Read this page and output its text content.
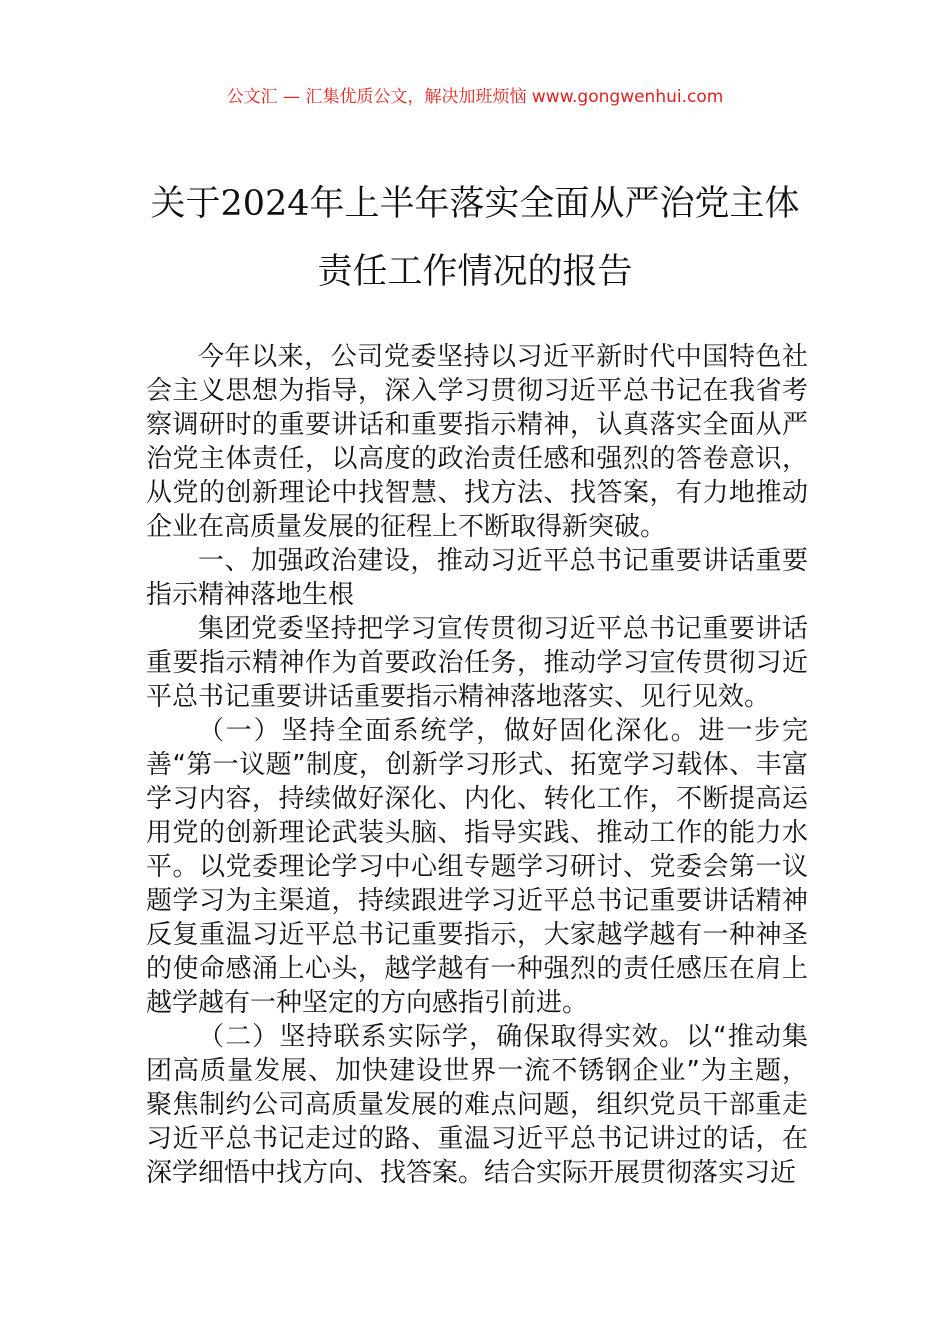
公文汇 — 汇集优质公文，解决加班烦恼 www.gongwenhui.com
关于2024年上半年落实全面从严治党主体
责任工作情况的报告

今年以来，公司党委坚持以习近平新时代中国特色社会主义思想为指导，深入学习贯彻习近平总书记在我省考察调研时的重要讲话和重要指示精神，认真落实全面从严治党主体责任，以高度的政治责任感和强烈的答卷意识，从党的创新理论中找智慧、找方法、找答案，有力地推动企业在高质量发展的征程上不断取得新突破。

一、加强政治建设，推动习近平总书记重要讲话重要指示精神落地生根

集团党委坚持把学习宣传贯彻习近平总书记重要讲话重要指示精神作为首要政治任务，推动学习宣传贯彻习近平总书记重要讲话重要指示精神落地落实、见行见效。

（一）坚持全面系统学，做好固化深化。进一步完善“第一议题”制度，创新学习形式、拓宽学习载体、丰富学习内容，持续做好深化、内化、转化工作，不断提高运用党的创新理论武装头脑、指导实践、推动工作的能力水平。以党委理论学习中心组专题学习研讨、党委会第一议题学习为主渠道，持续跟进学习近平总书记重要讲话精神反复重温习近平总书记重要指示，大家越学越有一种神圣的使命感涌上心头，越学越有一种强烈的责任感压在肩上越学越有一种坚定的方向感指引前进。

（二）坚持联系实际学，确保取得实效。以“推动集团高质量发展、加快建设世界一流不锈钢企业”为主题，聚焦制约公司高质量发展的难点问题，组织党员干部重走习近平总书记走过的路、重温习近平总书记讲过的话，在深学细悟中找方向、找答案。结合实际开展贯彻落实习近
